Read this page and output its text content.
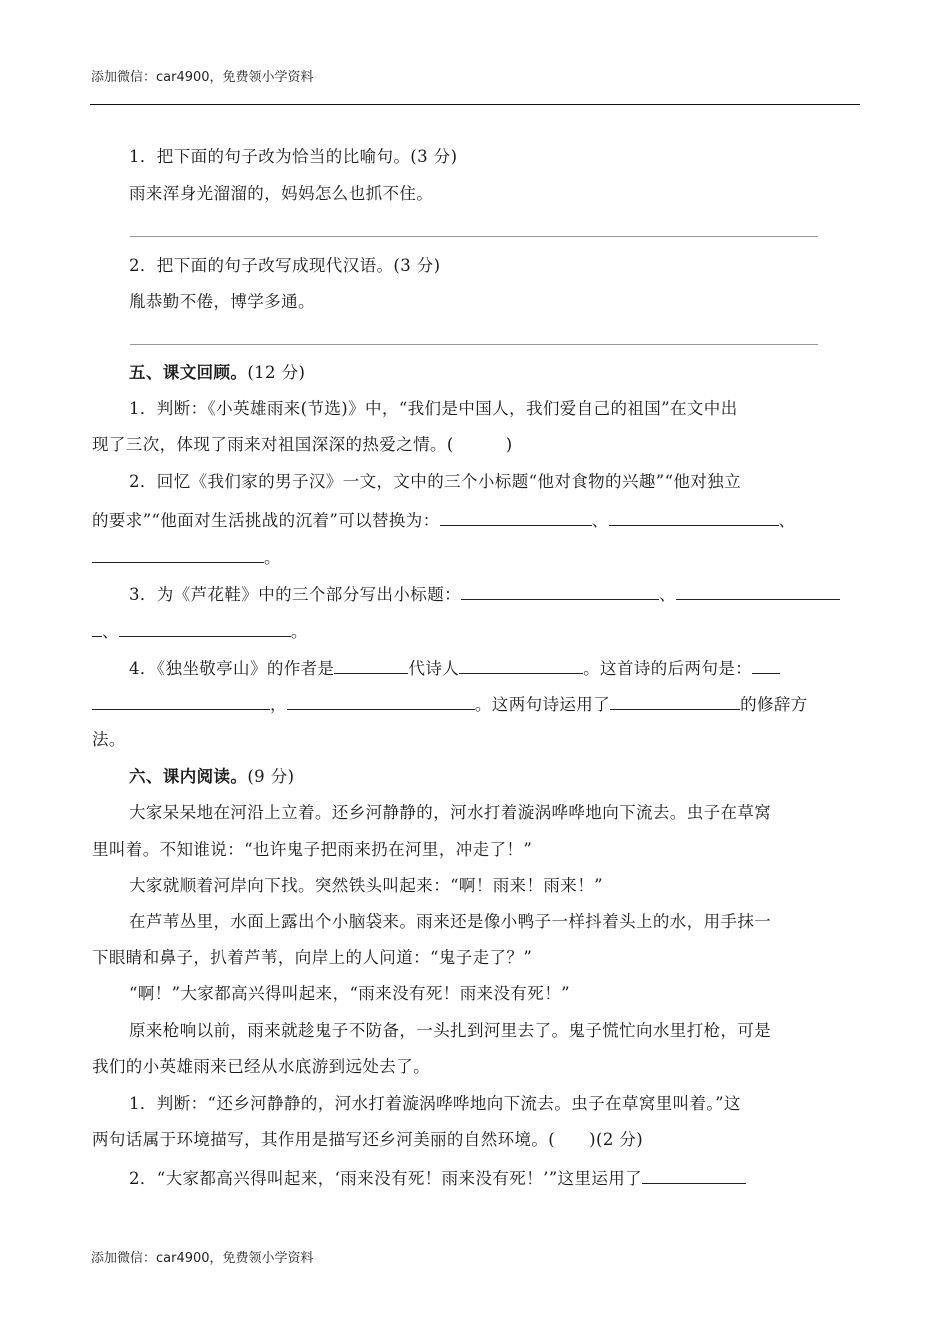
添加微信：car4900，免费领小学资料
1．把下面的句子改为恰当的比喻句。(3 分)
雨来浑身光溜溜的，妈妈怎么也抓不住。
2．把下面的句子改写成现代汉语。(3 分)
胤恭勤不倦，博学多通。
五、课文回顾。(12 分)
1．判断：《小英雄雨来(节选)》中，“我们是中国人，我们爱自己的祖国”在文中出
现了三次，体现了雨来对祖国深深的热爱之情。(	)
2．回忆《我们家的男子汉》一文，文中的三个小标题“他对食物的兴趣”“他对独立
的要求”“他面对生活挑战的沉着”可以替换为：	、	、
。
3．为《芦花鞋》中的三个部分写出小标题：	、
、	。
4．《独坐敬亭山》的作者是	代诗人	。这首诗的后两句是：
，	。这两句诗运用了	的修辞方
法。
六、课内阅读。(9 分)
大家呆呆地在河沿上立着。还乡河静静的，河水打着漩涡哗哗地向下流去。虫子在草窝
里叫着。不知谁说：“也许鬼子把雨来扔在河里，冲走了！”
大家就顺着河岸向下找。突然铁头叫起来：“啊！雨来！雨来！”
在芦苇丛里，水面上露出个小脑袋来。雨来还是像小鸭子一样抖着头上的水，用手抹一
下眼睛和鼻子，扒着芦苇，向岸上的人问道：“鬼子走了？”
“啊！”大家都高兴得叫起来，“雨来没有死！雨来没有死！”
原来枪响以前，雨来就趁鬼子不防备，一头扎到河里去了。鬼子慌忙向水里打枪，可是
我们的小英雄雨来已经从水底游到远处去了。
1．判断：“还乡河静静的，河水打着漩涡哗哗地向下流去。虫子在草窝里叫着。”这
两句话属于环境描写，其作用是描写还乡河美丽的自然环境。( )(2 分)
2．“大家都高兴得叫起来，‘雨来没有死！雨来没有死！’”这里运用了
添加微信：car4900，免费领小学资料
